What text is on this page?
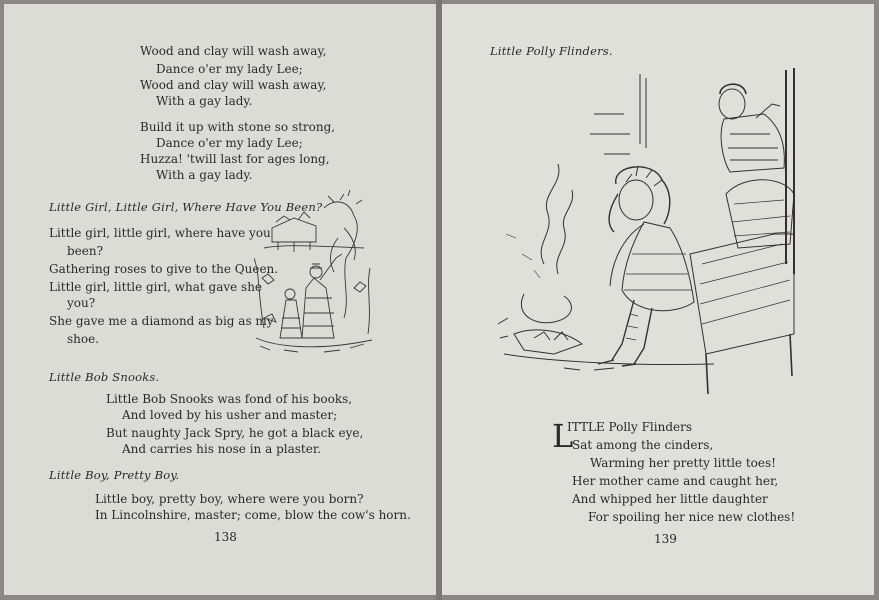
Wood and clay will wash away,
Dance o'er my lady Lee;
Wood and clay will wash away,
With a gay lady.
Build it up with stone so strong,
Dance o'er my lady Lee;
Huzza! 'twill last for ages long,
With a gay lady.
Little Girl, Little Girl, Where Have You Been?
Little girl, little girl, where have you
been?
Gathering roses to give to the Queen.
Little girl, little girl, what gave she
you?
She gave me a diamond as big as my
shoe.
Little Bob Snooks.
Little Bob Snooks was fond of his books,
And loved by his usher and master;
But naughty Jack Spry, he got a black eye,
And carries his nose in a plaster.
Little Boy, Pretty Boy.
Little boy, pretty boy, where were you born?
In Lincolnshire, master; come, blow the cow's horn.
138
Little Polly Flinders.
L
ITTLE Polly Flinders
Sat among the cinders,
Warming her pretty little toes!
Her mother came and caught her,
And whipped her little daughter
For spoiling her nice new clothes!
139
